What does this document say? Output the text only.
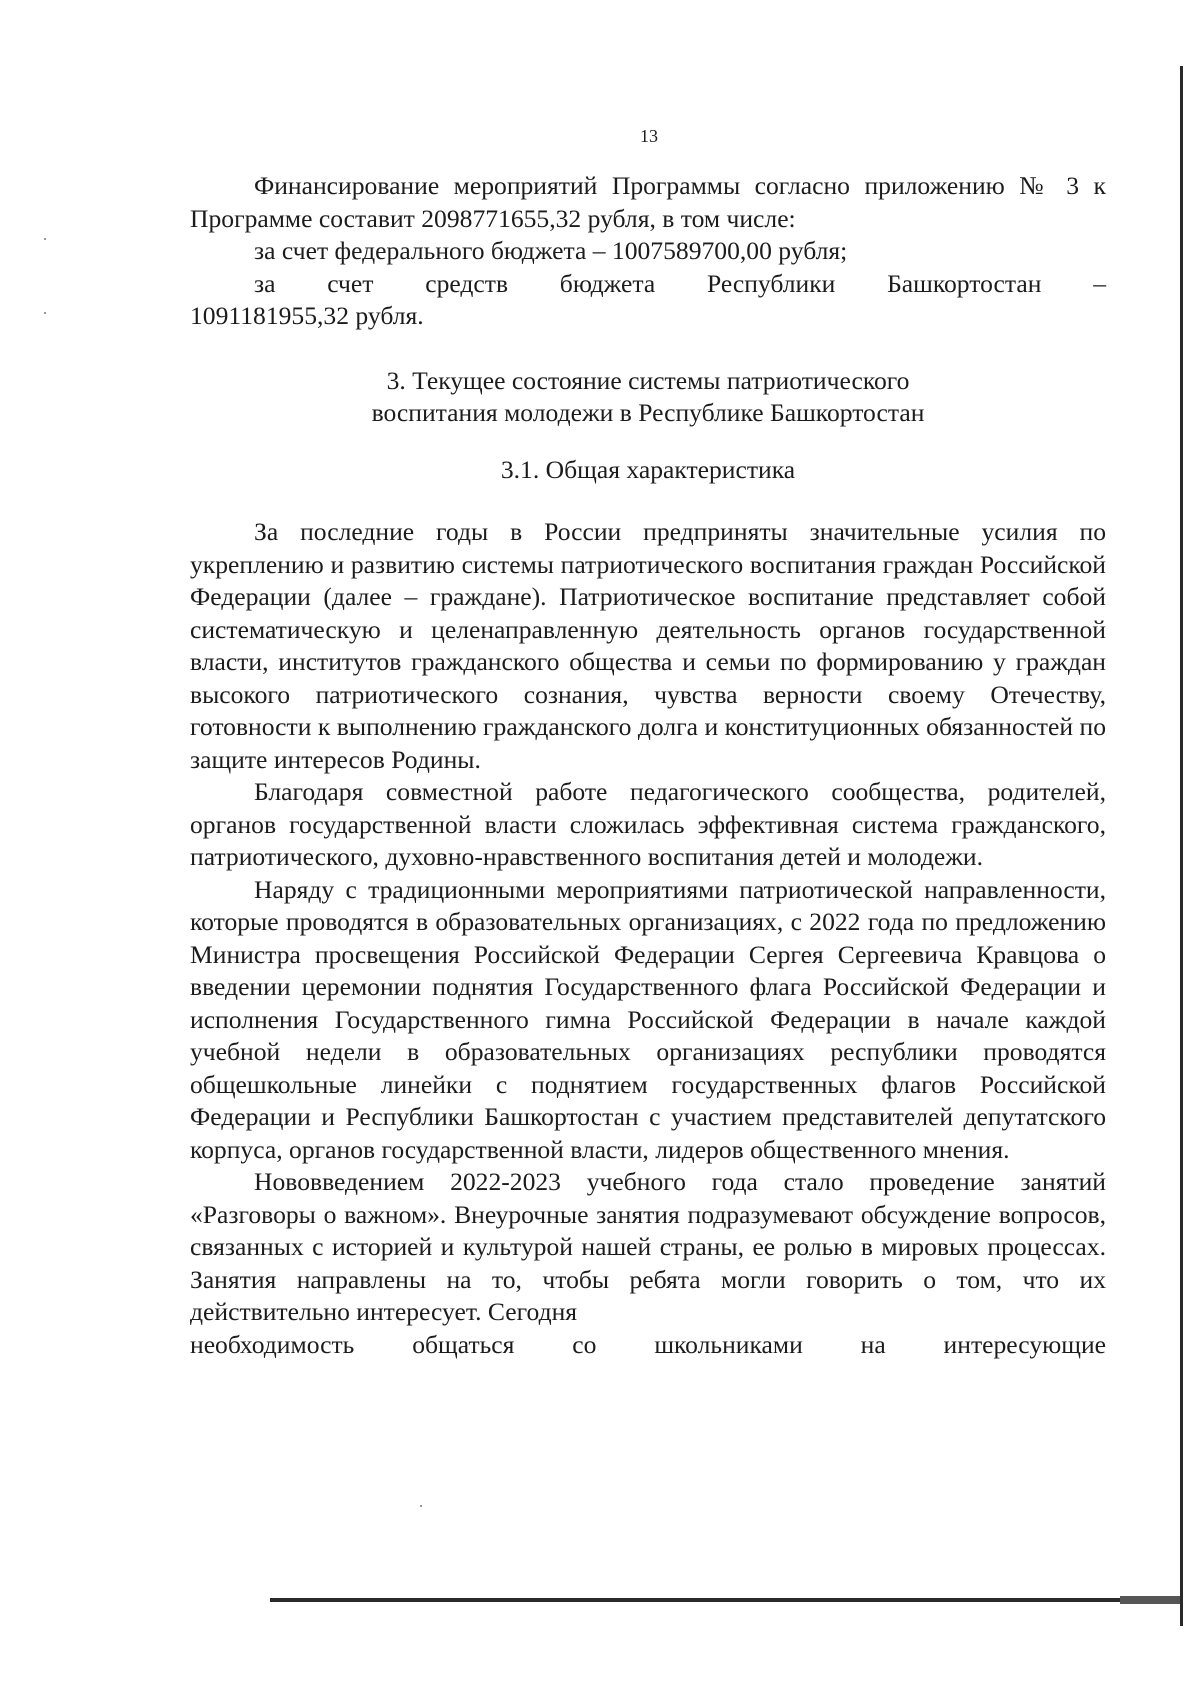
13

Финансирование мероприятий Программы согласно приложению № 3 к Программе составит 2098771655,32 рубля, в том числе:

за счет федерального бюджета – 1007589700,00 рубля;

за счет средств бюджета Республики Башкортостан –

1091181955,32 рубля.

3. Текущее состояние системы патриотического
воспитания молодежи в Республике Башкортостан
3.1. Общая характеристика

За последние годы в России предприняты значительные усилия по укреплению и развитию системы патриотического воспитания граждан Российской Федерации (далее – граждане). Патриотическое воспитание представляет собой систематическую и целенаправленную деятельность органов государственной власти, институтов гражданского общества и семьи по формированию у граждан высокого патриотического сознания, чувства верности своему Отечеству, готовности к выполнению гражданского долга и конституционных обязанностей по защите интересов Родины.

Благодаря совместной работе педагогического сообщества, родителей, органов государственной власти сложилась эффективная система гражданского, патриотического, духовно-нравственного воспитания детей и молодежи.

Наряду с традиционными мероприятиями патриотической направленности, которые проводятся в образовательных организациях, с 2022 года по предложению Министра просвещения Российской Федерации Сергея Сергеевича Кравцова о введении церемонии поднятия Государственного флага Российской Федерации и исполнения Государственного гимна Российской Федерации в начале каждой учебной недели в образовательных организациях республики проводятся общешкольные линейки с поднятием государственных флагов Российской Федерации и Республики Башкортостан с участием представителей депутатского корпуса, органов государственной власти, лидеров общественного мнения.

Нововведением 2022-2023 учебного года стало проведение занятий «Разговоры о важном». Внеурочные занятия подразумевают обсуждение вопросов, связанных с историей и культурой нашей страны, ее ролью в мировых процессах. Занятия направлены на то, чтобы ребята могли говорить о том, что их действительно интересует. Сегодня

необходимость общаться со школьниками на интересующие
